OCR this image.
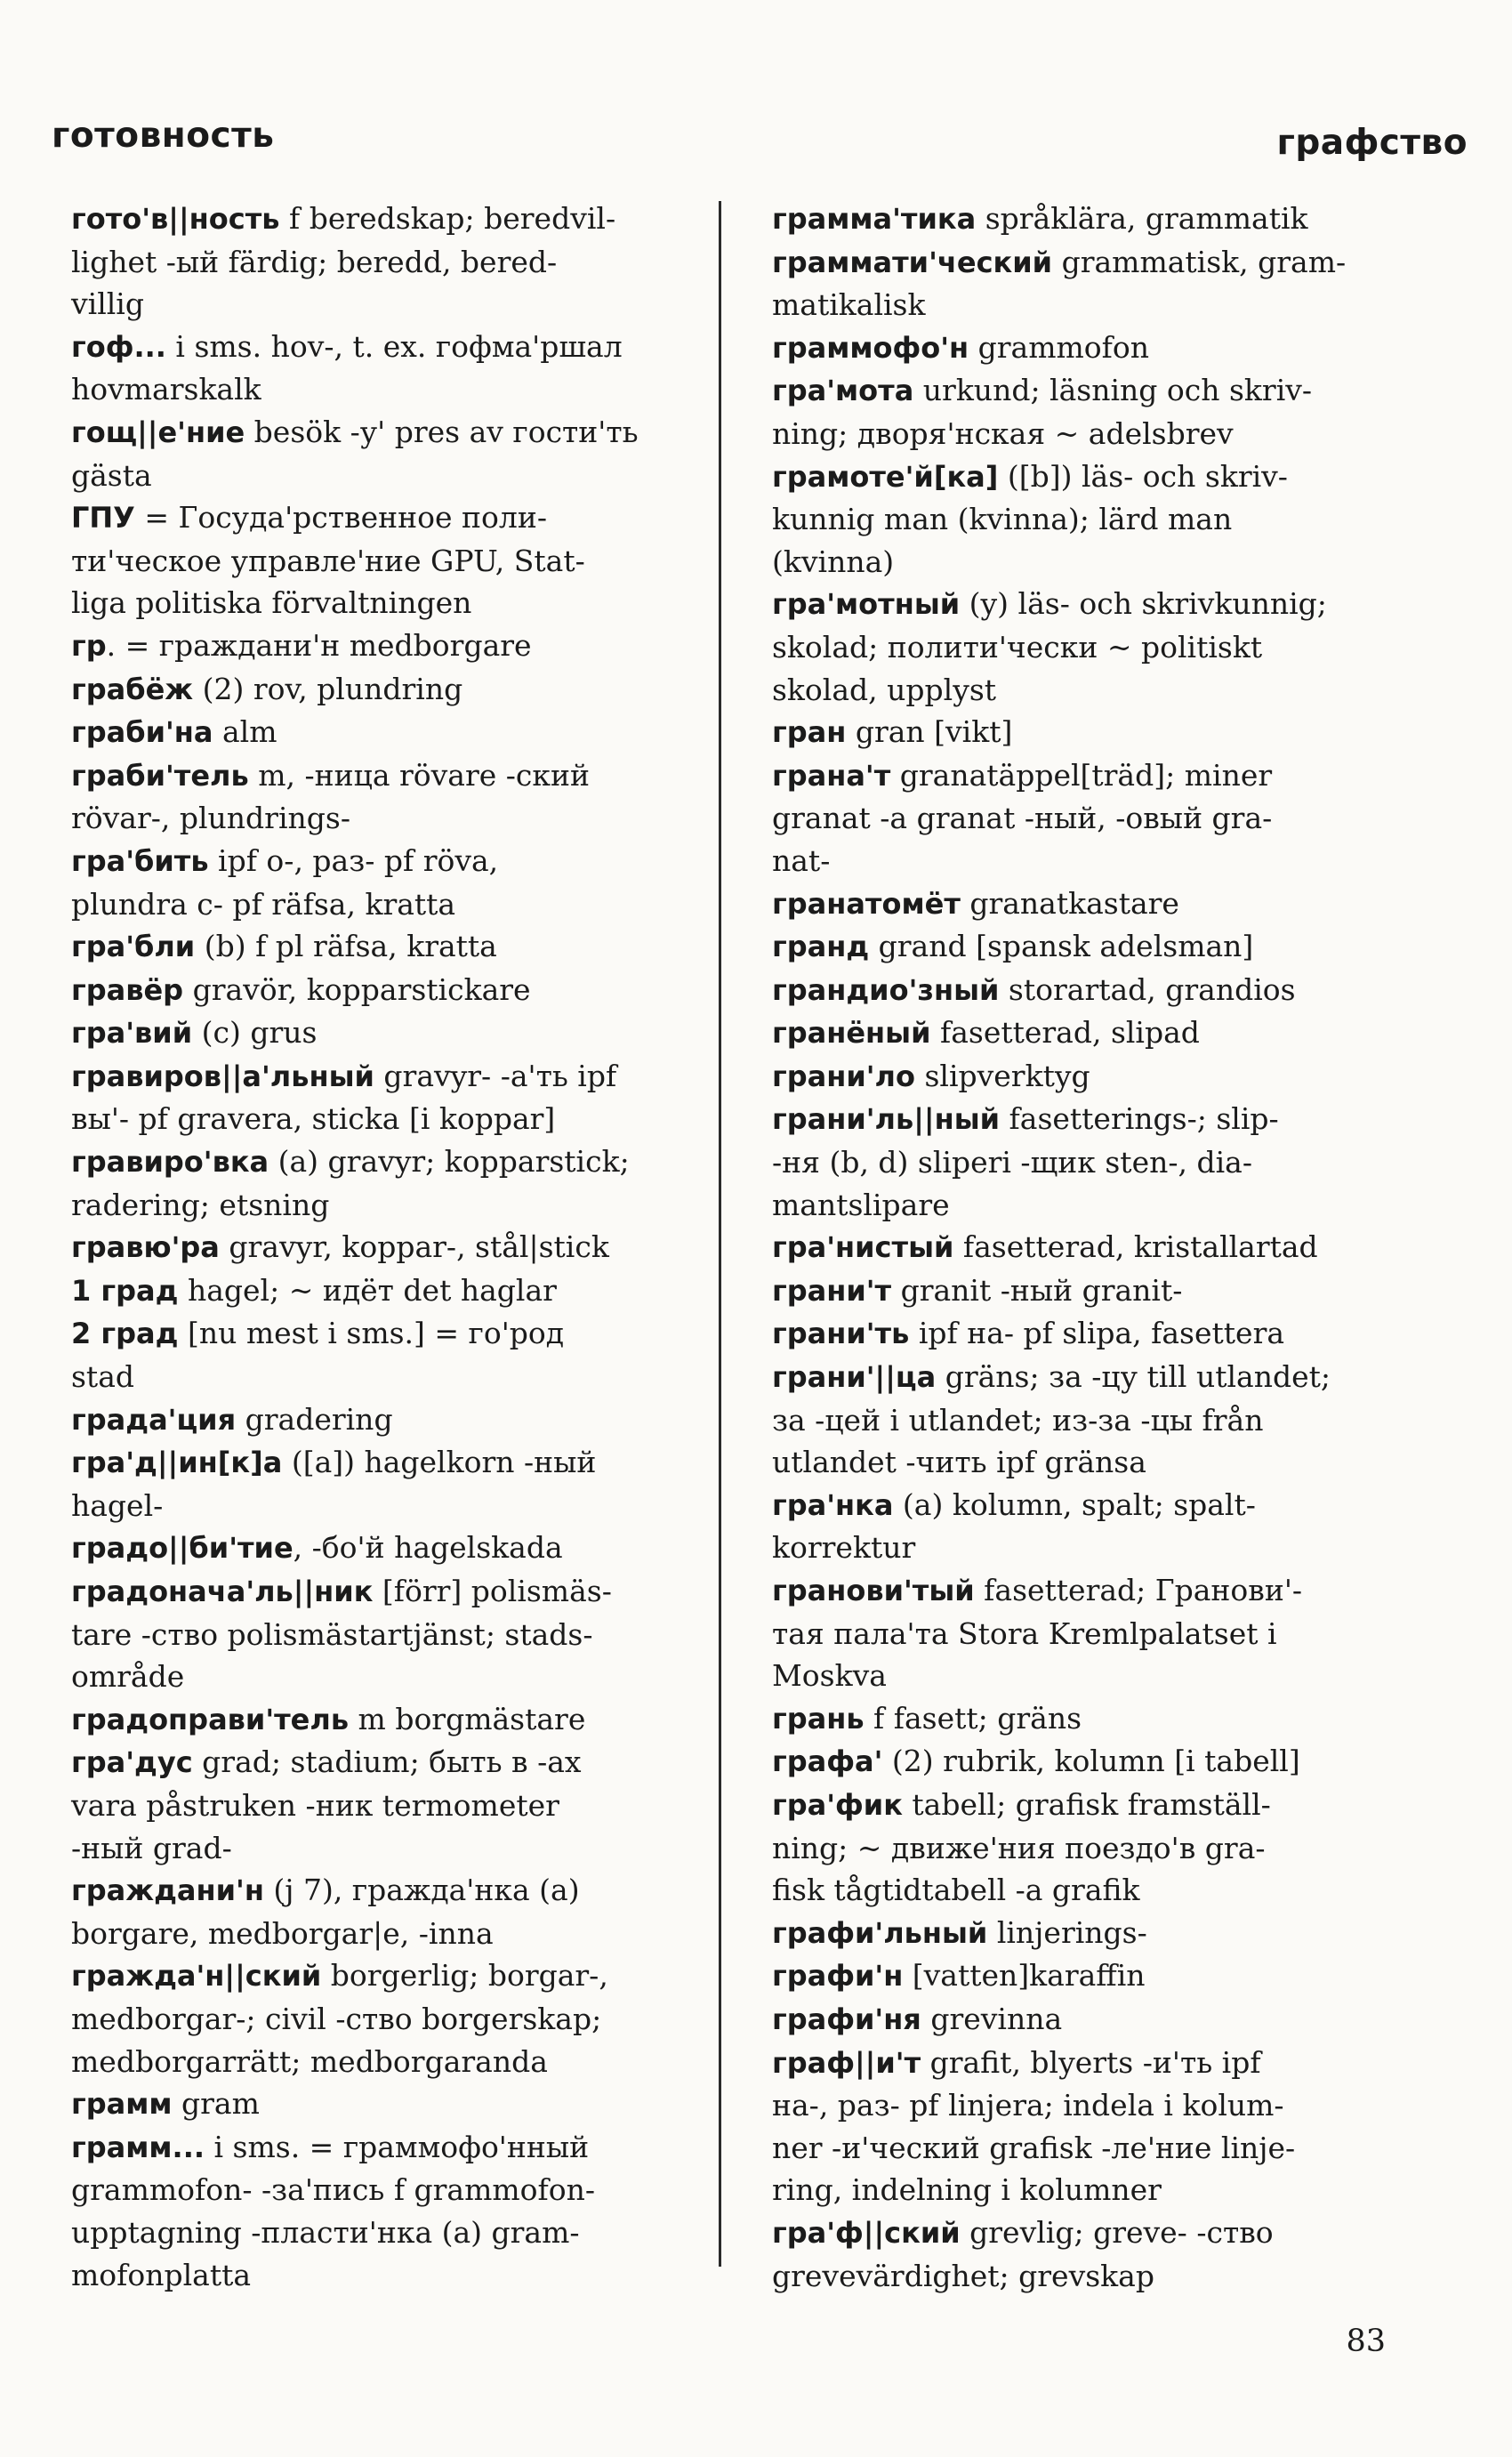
готовность	графство
гото'в||ность f beredskap; beredvil-
lighet -ый färdig; beredd, bered-
villig
гоф... i sms. hov-, t. ex. гофма'ршал
hovmarskalk
гощ||е'ние besök -у' pres av гости'ть
gästa
ГПУ = Госуда'рственное поли-
ти'ческое управле'ние GPU, Stat-
liga politiska förvaltningen
гр. = граждани'н medborgare
грабёж (2) rov, plundring
граби'на alm
граби'тель m, -ница rövare -ский
rövar-, plundrings-
гра'бить ipf о-, раз- pf röva,
plundra с- pf räfsa, kratta
гра'бли (b) f pl räfsa, kratta
гравёр gravör, kopparstickare
гра'вий (c) grus
гравиров||а'льный gravyr- -а'ть ipf
вы'- pf gravera, sticka [i koppar]
гравиро'вка (a) gravyr; kopparstick;
radering; etsning
гравю'ра gravyr, koppar-, stål|stick
1 град hagel; ~ идёт det haglar
2 град [nu mest i sms.] = го'род
stad
града'ция gradering
гра'д||ин[к]а ([a]) hagelkorn -ный
hagel-
градо||би'тие, -бо'й hagelskada
градонача'ль||ник [förr] polismäs-
tare -ство polismästartjänst; stads-
område
градоправи'тель m borgmästare
гра'дус grad; stadium; быть в -ах
vara påstruken -ник termometer
-ный grad-
граждани'н (j 7), гражда'нка (a)
borgare, medborgar|e, -inna
гражда'н||ский borgerlig; borgar-,
medborgar-; civil -ство borgerskap;
medborgarrätt; medborgaranda
грамм gram
грамм... i sms. = граммофо'нный
grammofon- -за'пись f grammofon-
upptagning -пласти'нка (a) gram-
mofonplatta
грамма'тика språklära, grammatik
граммати'ческий grammatisk, gram-
matikalisk
граммофо'н grammofon
гра'мота urkund; läsning och skriv-
ning; дворя'нская ~ adelsbrev
грамоте'й[ка] ([b]) läs- och skriv-
kunnig man (kvinna); lärd man
(kvinna)
гра'мотный (y) läs- och skrivkunnig;
skolad; полити'чески ~ politiskt
skolad, upplyst
гран gran [vikt]
грана'т granatäppel[träd]; miner
granat -а granat -ный, -овый gra-
nat-
гранатомёт granatkastare
гранд grand [spansk adelsman]
грандио'зный storartad, grandios
гранёный fasetterad, slipad
грани'ло slipverktyg
грани'ль||ный fasetterings-; slip-
-ня (b, d) sliperi -щик sten-, dia-
mantslipare
гра'нистый fasetterad, kristallartad
грани'т granit -ный granit-
грани'ть ipf на- pf slipa, fasettera
грани'||ца gräns; за -цу till utlandet;
за -цей i utlandet; из-за -цы från
utlandet -чить ipf gränsa
гра'нка (a) kolumn, spalt; spalt-
korrektur
гранови'тый fasetterad; Гранови'-
тая пала'та Stora Kremlpalatset i
Moskva
грань f fasett; gräns
графа' (2) rubrik, kolumn [i tabell]
гра'фик tabell; grafisk framställ-
ning; ~ движе'ния поездо'в gra-
fisk tågtidtabell -а grafik
графи'льный linjerings-
графи'н [vatten]karaffin
графи'ня grevinna
граф||и'т grafit, blyerts -и'ть ipf
на-, раз- pf linjera; indela i kolum-
ner -и'ческий grafisk -ле'ние linje-
ring, indelning i kolumner
гра'ф||ский grevlig; greve- -ство
grevevärdighet; grevskap
83
